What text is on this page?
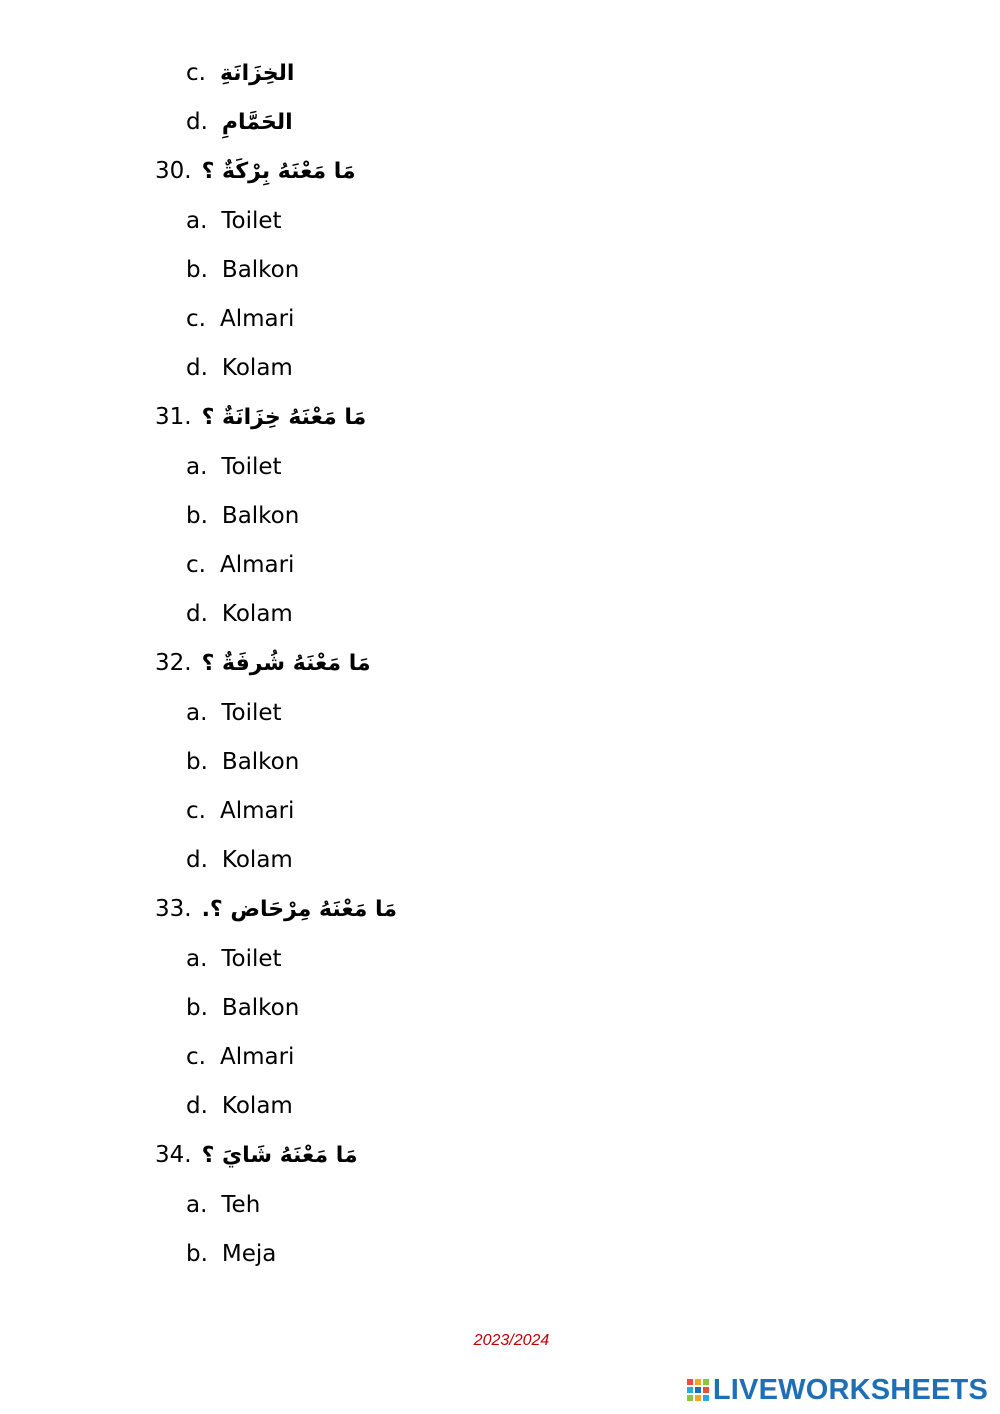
c. الخِزَانَةِ
d. الحَمَّامِ
30. مَا مَعْنَهُ بِرْكَةٌ ؟
a. Toilet
b. Balkon
c. Almari
d. Kolam
31. مَا مَعْنَهُ خِزَانَةٌ ؟
a. Toilet
b. Balkon
c. Almari
d. Kolam
32. مَا مَعْنَهُ شُرفَةٌ ؟
a. Toilet
b. Balkon
c. Almari
d. Kolam
33. مَا مَعْنَهُ مِرْحَاض ؟.
a. Toilet
b. Balkon
c. Almari
d. Kolam
34. مَا مَعْنَهُ شَايَ ؟
a. Teh
b. Meja
2023/2024
LIVEWORKSHEETS
